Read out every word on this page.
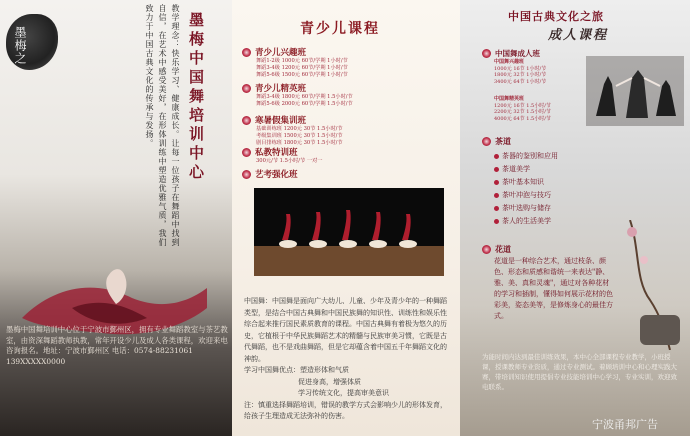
墨梅之	墨梅中国舞培训中心
教学理念：快乐学习、健康成长。让每一位孩子在舞蹈中找到自信，在艺术中感受美好，在形体训练中塑造优雅气质，我们致力于中国古典文化的传承与发扬。
墨梅中国舞培训中心位于宁波市鄞州区，拥有专业舞蹈教室与茶艺教室，由资深舞蹈教师执教，常年开设少儿及成人各类课程，欢迎来电咨询报名。地址：宁波市鄞州区 电话：0574-88231061 139XXXXX0000
青少儿课程
青少儿兴趣班
舞蹈1-2级 1000元 60节/学期 1小时/节
舞蹈3-4级 1200元 60节/学期 1小时/节
舞蹈5-6级 1500元 60节/学期 1小时/节
青少儿精英班
舞蹈3-4级 1800元 60节/学期 1.5小时/节
舞蹈5-6级 2000元 60节/学期 1.5小时/节
寒暑假集训班
基础训练班 1200元 30节 1.5小时/节
考级集训班 1500元 30节 1.5小时/节
剧目排练班 1800元 30节 1.5小时/节
私教特训班
300元/节 1.5小时/节 一对一
艺考强化班

中国舞：中国舞是面向广大幼儿、儿童、少年及青少年的一种舞蹈类型，是结合中国古典舞和中国民族舞的知识性、训练性和娱乐性综合起来推行国民素质教育的课程。中国古典舞有着极为悠久的历史，它植根于中华民族舞蹈艺术的精髓与民族审美习惯，它既是古代舞蹈，也不是戏曲舞蹈，但是它却蕴含着中国五千年舞蹈文化的神韵。

学习中国舞优点：塑造形体和气质

促进身高，增强体质

学习传统文化，提高审美意识

注：慎重选择舞蹈培训，错误的教学方式会影响少儿的形体发育，给孩子生理造成无法弥补的伤害。

中国古典文化之旅
成人课程
中国舞成人班
中国舞兴趣班
1000元 16节 1小时/节
1800元 32节 1小时/节
3400元 64节 1小时/节
中国舞精英班
1200元 16节 1.5小时/节
2200元 32节 1.5小时/节
4000元 64节 1.5小时/节
茶道
茶器的鉴别和应用
茶道美学
茶叶基本知识
茶叶冲泡与技巧
茶叶选购与储存
茶人的生活美学
花道
花道是一种综合艺术，通过枝条、颜色、形态和质感和谐统一来表达"静、雅、美、真和灵魂"，通过对各种花材的学习和插制，懂得如何展示花材的色彩美，姿态美等，是修炼身心的最佳方式。
为能时间内达到最佳训练效果，本中心全部课程专业教学，小班授课，授课教师专业资质，通过专业测试。着顾培训中心和心理实践大赛，带培训知识使用提倡专业技能培训中心学习，专业实训，欢迎致电联系。
宁波甬邦广告
